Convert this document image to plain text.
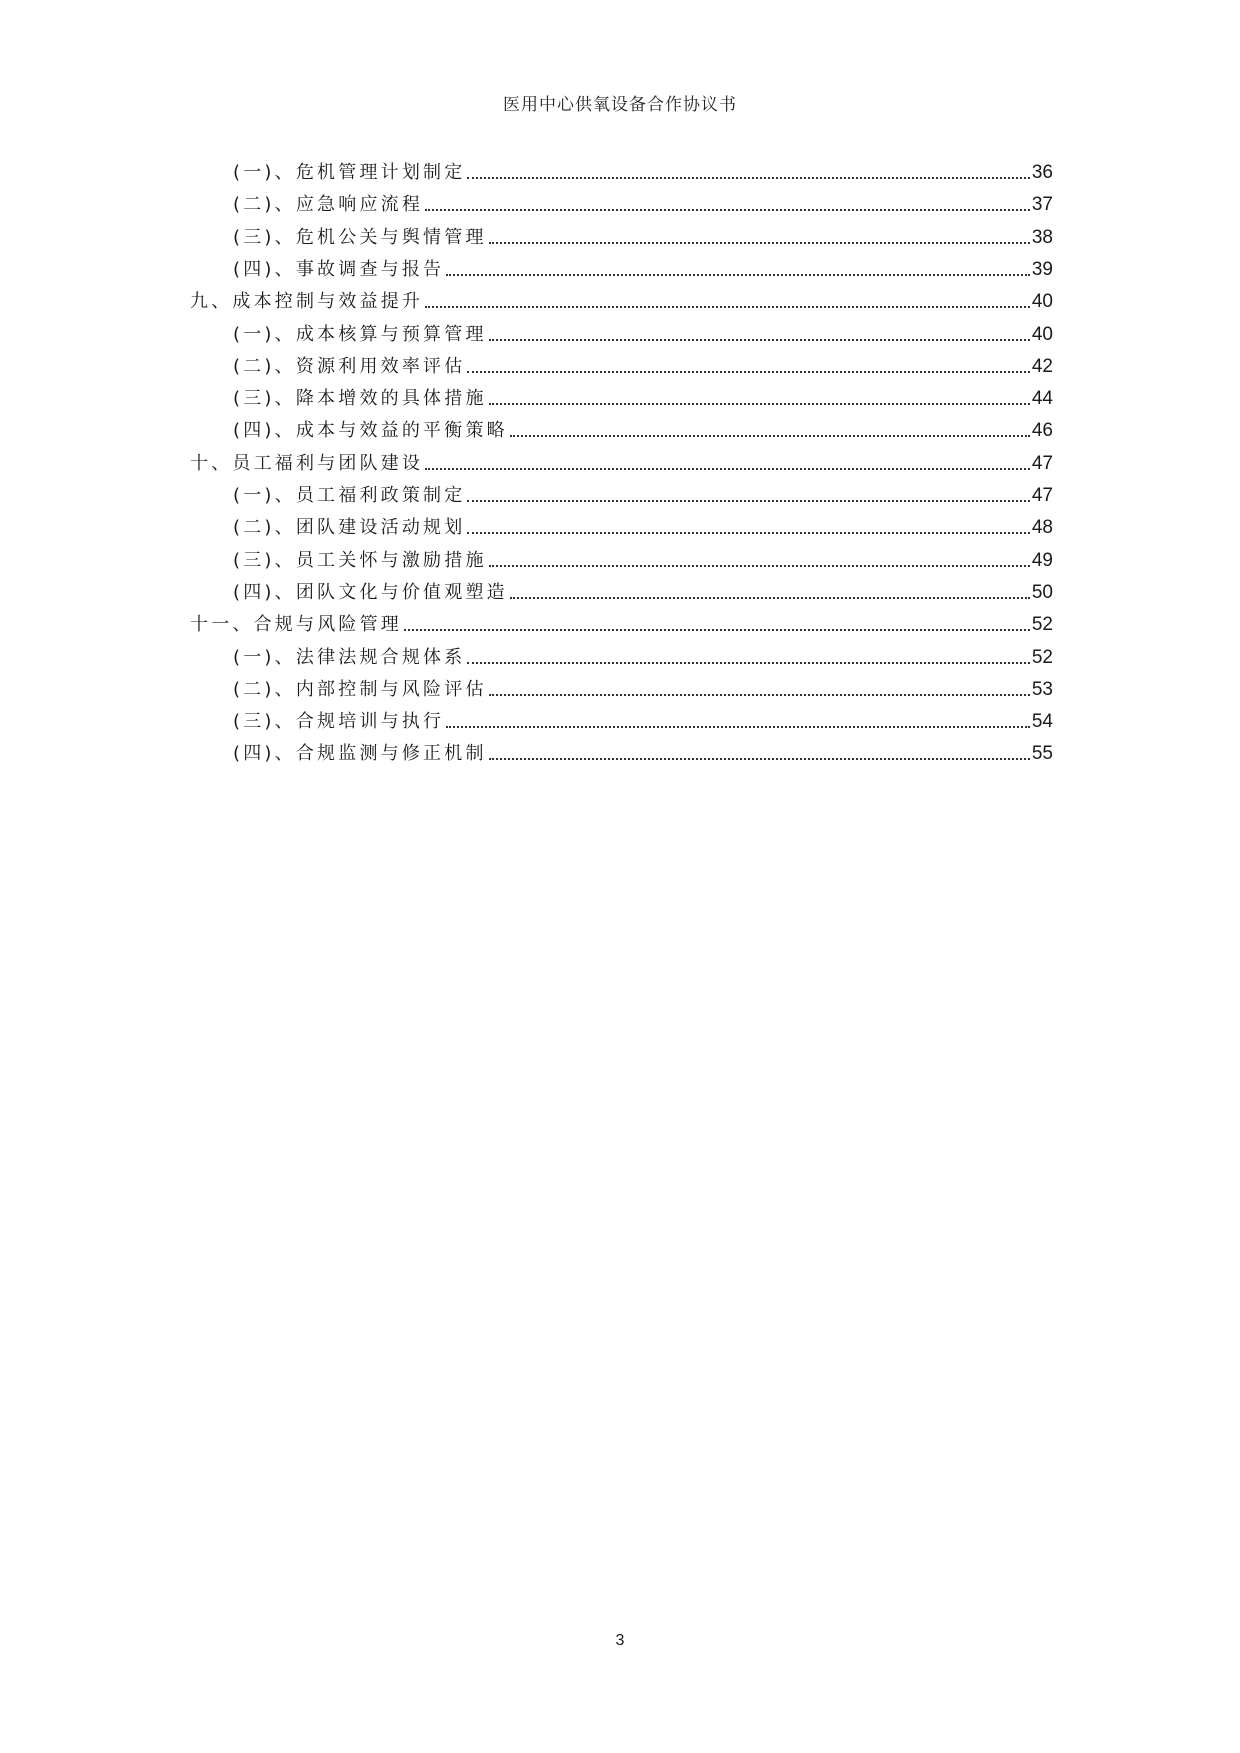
医用中心供氧设备合作协议书
(一)、危机管理计划制定	36
(二)、应急响应流程	37
(三)、危机公关与舆情管理	38
(四)、事故调查与报告	39
九、成本控制与效益提升	40
(一)、成本核算与预算管理	40
(二)、资源利用效率评估	42
(三)、降本增效的具体措施	44
(四)、成本与效益的平衡策略	46
十、员工福利与团队建设	47
(一)、员工福利政策制定	47
(二)、团队建设活动规划	48
(三)、员工关怀与激励措施	49
(四)、团队文化与价值观塑造	50
十一、合规与风险管理	52
(一)、法律法规合规体系	52
(二)、内部控制与风险评估	53
(三)、合规培训与执行	54
(四)、合规监测与修正机制	55
3
